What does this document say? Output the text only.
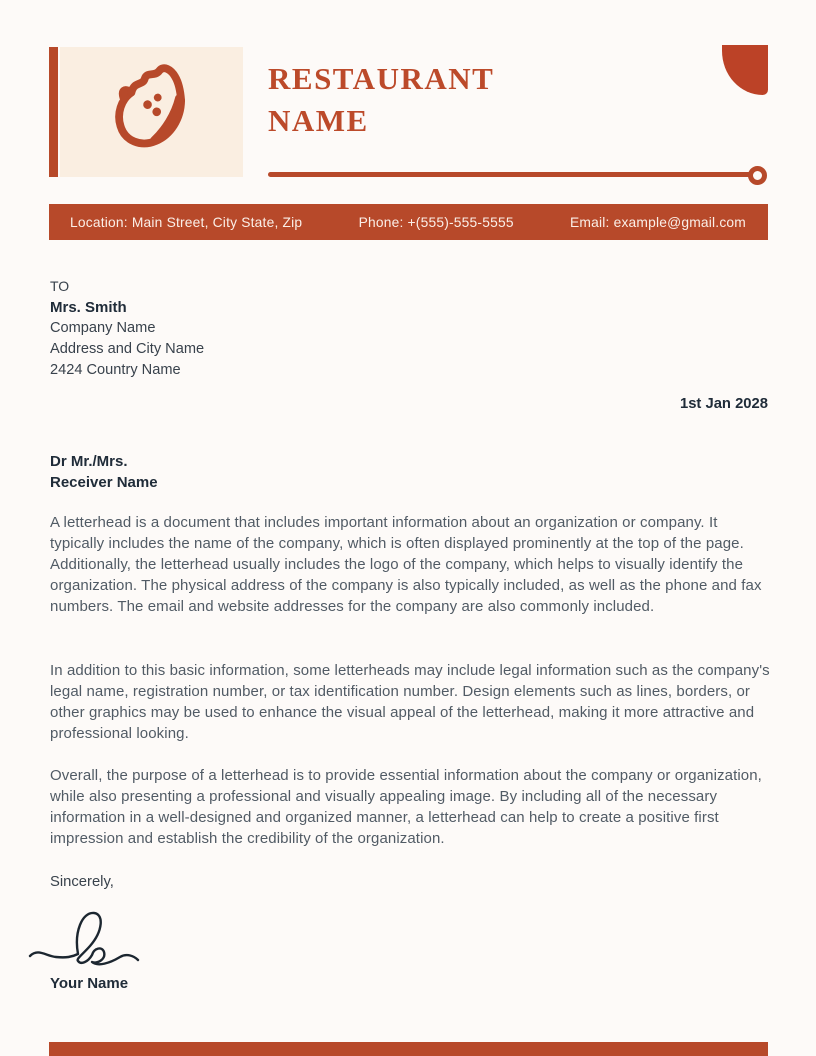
RESTAURANT
NAME
Location: Main Street, City State, Zip	Phone: +(555)-555-5555	Email: example@gmail.com
TO
Mrs. Smith
Company Name
Address and City Name
2424 Country Name
1st Jan 2028
Dr Mr./Mrs.
Receiver Name

A letterhead is a document that includes important information about an organization or company. It typically includes the name of the company, which is often displayed prominently at the top of the page. Additionally, the letterhead usually includes the logo of the company, which helps to visually identify the organization. The physical address of the company is also typically included, as well as the phone and fax numbers. The email and website addresses for the company are also commonly included.

In addition to this basic information, some letterheads may include legal information such as the company's legal name, registration number, or tax identification number. Design elements such as lines, borders, or other graphics may be used to enhance the visual appeal of the letterhead, making it more attractive and professional looking.

Overall, the purpose of a letterhead is to provide essential information about the company or organization, while also presenting a professional and visually appealing image. By including all of the necessary information in a well-designed and organized manner, a letterhead can help to create a positive first impression and establish the credibility of the organization.

Sincerely,
Your Name
